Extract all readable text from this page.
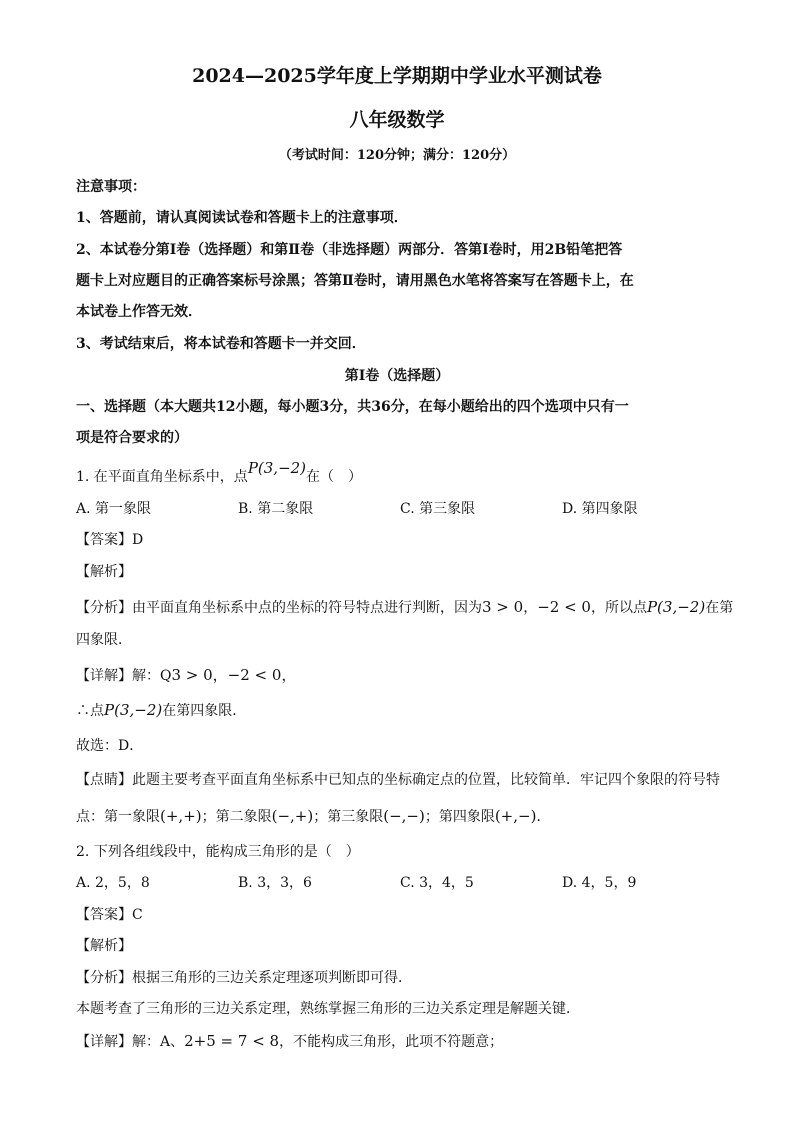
2024—2025学年度上学期期中学业水平测试卷
八年级数学
（考试时间：120分钟；满分：120分）
注意事项：
1、答题前，请认真阅读试卷和答题卡上的注意事项．
2、本试卷分第Ⅰ卷（选择题）和第Ⅱ卷（非选择题）两部分．答第Ⅰ卷时，用2B铅笔把答
题卡上对应题目的正确答案标号涂黑；答第Ⅱ卷时，请用黑色水笔将答案写在答题卡上，在
本试卷上作答无效．
3、考试结束后，将本试卷和答题卡一并交回．
第Ⅰ卷（选择题）
一、选择题（本大题共12小题，每小题3分，共36分，在每小题给出的四个选项中只有一
项是符合要求的）
1. 在平面直角坐标系中，点P(3,−2)在（　）
A. 第一象限	B. 第二象限	C. 第三象限	D. 第四象限
【答案】D
【解析】
【分析】由平面直角坐标系中点的坐标的符号特点进行判断，因为3 > 0，−2 < 0，所以点P(3,−2)在第
四象限．
【详解】解：Q3 > 0，−2 < 0，
∴点P(3,−2)在第四象限．
故选：D．
【点睛】此题主要考查平面直角坐标系中已知点的坐标确定点的位置，比较简单．牢记四个象限的符号特
点：第一象限(+,+)；第二象限(−,+)；第三象限(−,−)；第四象限(+,−)．
2. 下列各组线段中，能构成三角形的是（　）
A. 2，5，8	B. 3，3，6	C. 3，4，5	D. 4，5，9
【答案】C
【解析】
【分析】根据三角形的三边关系定理逐项判断即可得．
本题考查了三角形的三边关系定理，熟练掌握三角形的三边关系定理是解题关键．
【详解】解：A、2+5 = 7 < 8，不能构成三角形，此项不符题意；
